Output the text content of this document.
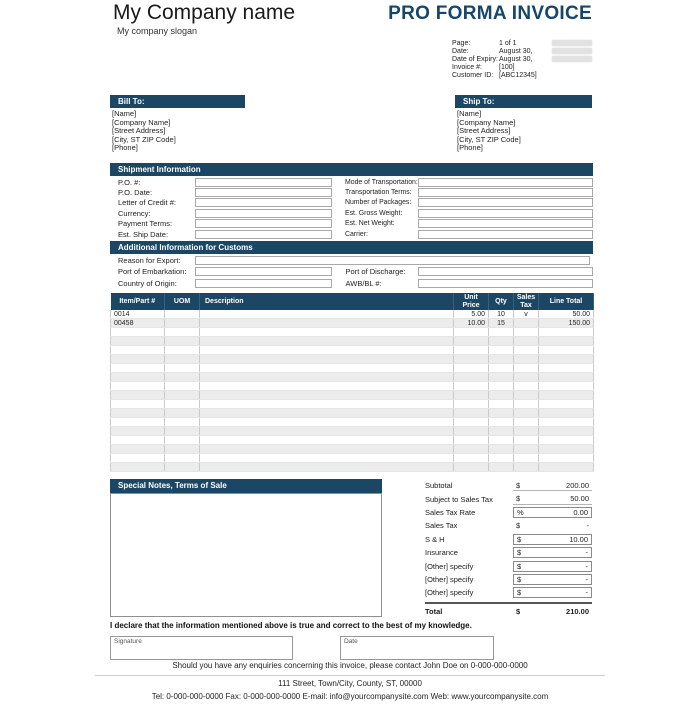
My Company name
My company slogan
PRO FORMA INVOICE
Page:	1 of 1
Date:	August 30,
Date of Expiry: August 30,
Invoice #:	[100]
Customer ID: [ABC12345]
Bill To:
[Name]
[Company Name]
[Street Address]
[City, ST ZIP Code]
[Phone]
Ship To:
[Name]
[Company Name]
[Street Address]
[City, ST ZIP Code]
[Phone]
Shipment Information
P.O. #:
P.O. Date:
Letter of Credit #:
Currency:
Payment Terms:
Est. Ship Date:
Mode of Transportation:
Transportation Terms:
Number of Packages:
Est. Gross Weight:
Est. Net Weight:
Carrier:
Additional Information for Customs
Reason for Export:
Port of Embarkation:	Port of Discharge:
Country of Origin:	AWB/BL #:
Item/Part #	UOM	Description	Unit Price	Qty	Sales Tax	Line Total
0014			5.00	10	v	50.00
00458			10.00	15		150.00

Special Notes, Terms of Sale	Subtotal	$	200.00
Subject to Sales Tax	$	50.00
Sales Tax Rate	%	0.00
Sales Tax	$	-
S & H	$	10.00
Insurance	$	-
[Other] specify	$	-
[Other] specify	$	-
[Other] specify	$	-
Total	$	210.00
I declare that the information mentioned above is true and correct to the best of my knowledge.
Signature	Date
Should you have any enquiries concerning this invoice, please contact John Doe on 0-000-000-0000
111 Street, Town/City, County, ST, 00000
Tel: 0-000-000-0000 Fax: 0-000-000-0000 E-mail: info@yourcompanysite.com Web: www.yourcompanysite.com
